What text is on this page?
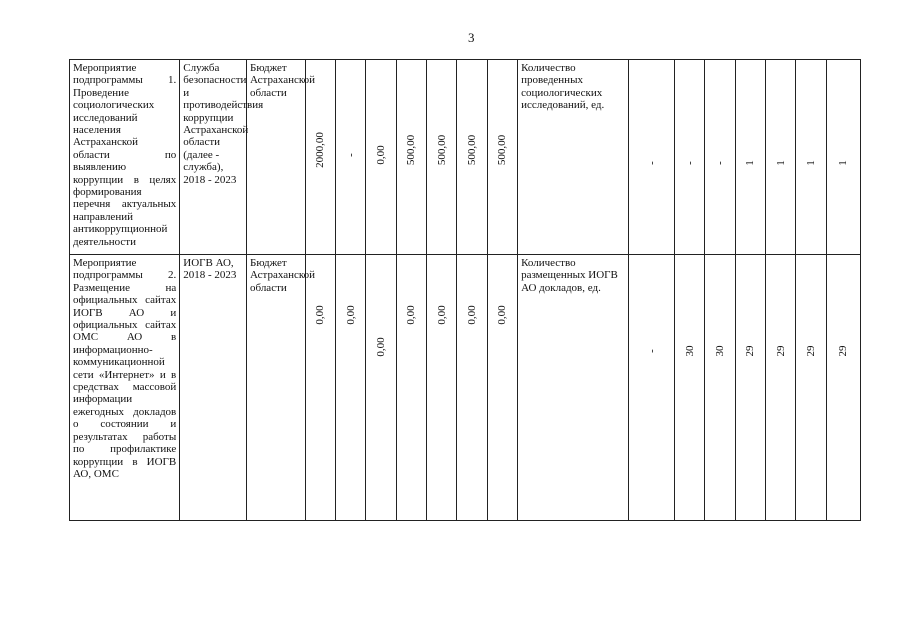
3
Мероприятие подпрограммы 1. Проведение социологических исследований населения Астраханской области по выявлению коррупции в целях формирования перечня актуальных направлений антикоррупционной деятельности	Служба безопасности и противодействия коррупции Астраханской области (далее - служба), 2018 - 2023	Бюджет Астраханской области	2000,00	-	0,00	500,00	500,00	500,00	500,00	Количество проведенных социологических исследований, ед.	-	-	-	1	1	1	1

Мероприятие подпрограммы 2. Размещение на официальных сайтах ИОГВ АО и официальных сайтах ОМС АО в информационно-коммуникационной сети «Интернет» и в средствах массовой информации ежегодных докладов о состоянии и результатах работы по профилактике коррупции в ИОГВ АО, ОМС	ИОГВ АО, 2018 - 2023	Бюджет Астраханской области	0,00	0,00	0,00	0,00	0,00	0,00	0,00	Количество размещенных ИОГВ АО докладов, ед.	-	30	30	29	29	29	29
